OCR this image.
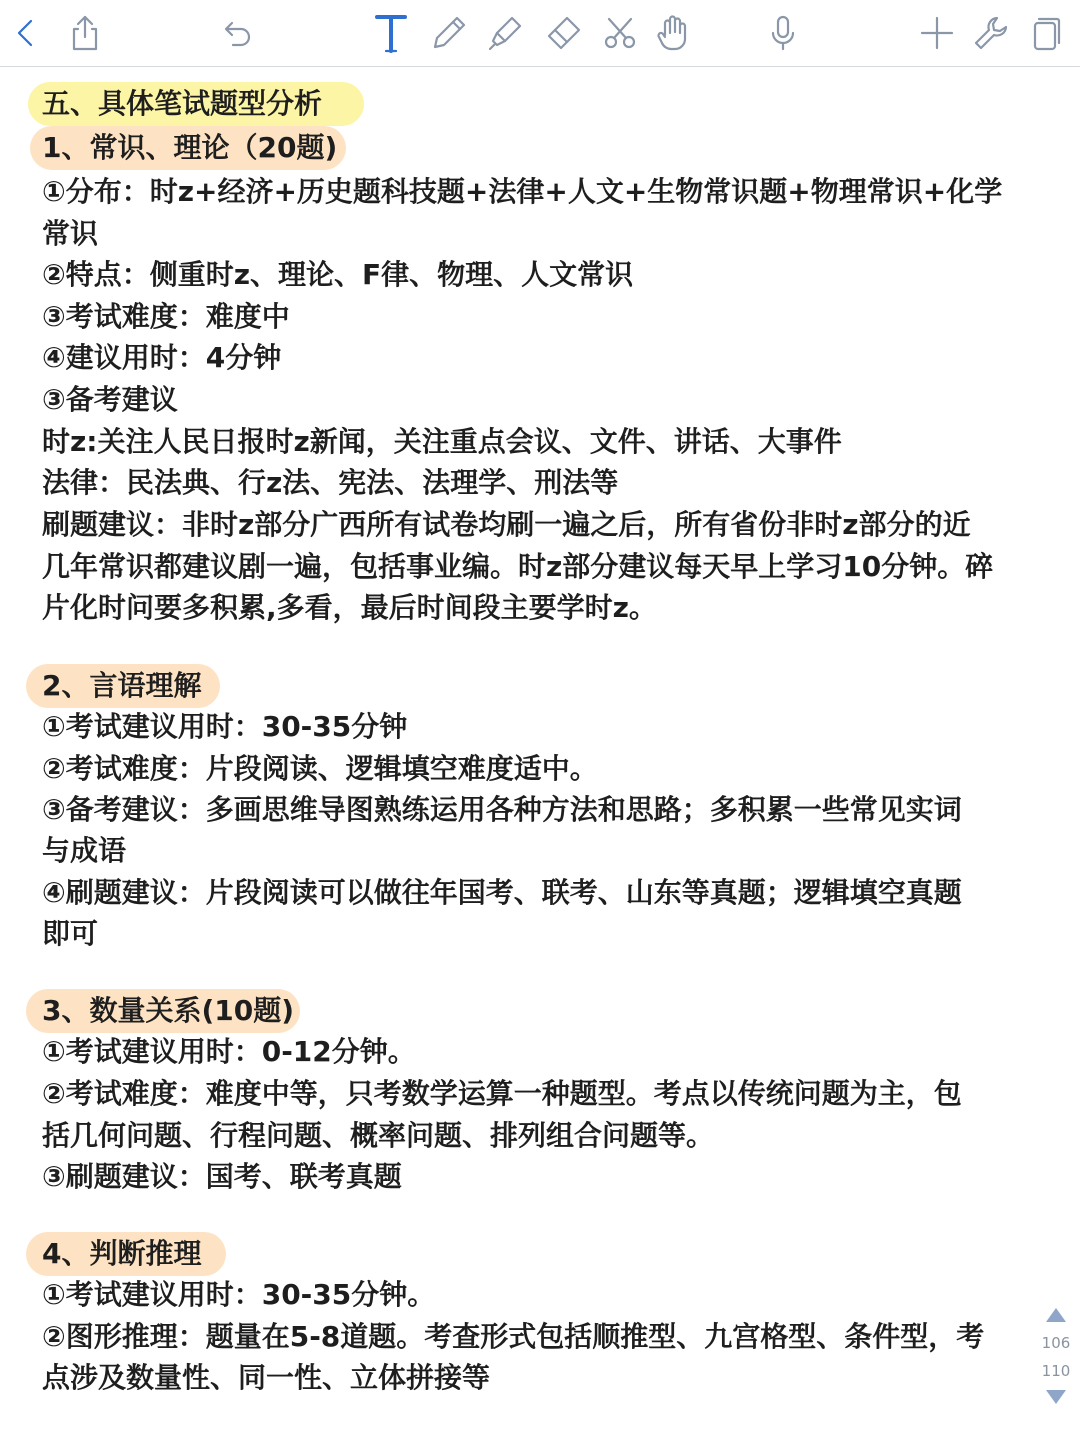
五、具体笔试题型分析
1、常识、理论（20题)
①分布：时z+经济+历史题科技题+法律+人文+生物常识题+物理常识+化学
常识
②特点：侧重时z、理论、F律、物理、人文常识
③考试难度：难度中
④建议用时：4分钟
③备考建议
时z:关注人民日报时z新闻，关注重点会议、文件、讲话、大事件
法律：民法典、行z法、宪法、法理学、刑法等
刷题建议：非时z部分广西所有试卷均刷一遍之后，所有省份非时z部分的近
几年常识都建议剧一遍，包括事业编。时z部分建议每天早上学习10分钟。碎
片化时问要多积累,多看，最后时间段主要学时z。
2、言语理解
①考试建议用时：30-35分钟
②考试难度：片段阅读、逻辑填空难度适中。
③备考建议：多画思维导图熟练运用各种方法和思路；多积累一些常见实词
与成语
④刷题建议：片段阅读可以做往年国考、联考、山东等真题；逻辑填空真题
即可
3、数量关系(10题)
①考试建议用时：0-12分钟。
②考试难度：难度中等，只考数学运算一种题型。考点以传统问题为主，包
括几何问题、行程问题、概率问题、排列组合问题等。
③刷题建议：国考、联考真题
4、判断推理
①考试建议用时：30-35分钟。
②图形推理：题量在5-8道题。考查形式包括顺推型、九宫格型、条件型，考
点涉及数量性、同一性、立体拼接等
106
110
